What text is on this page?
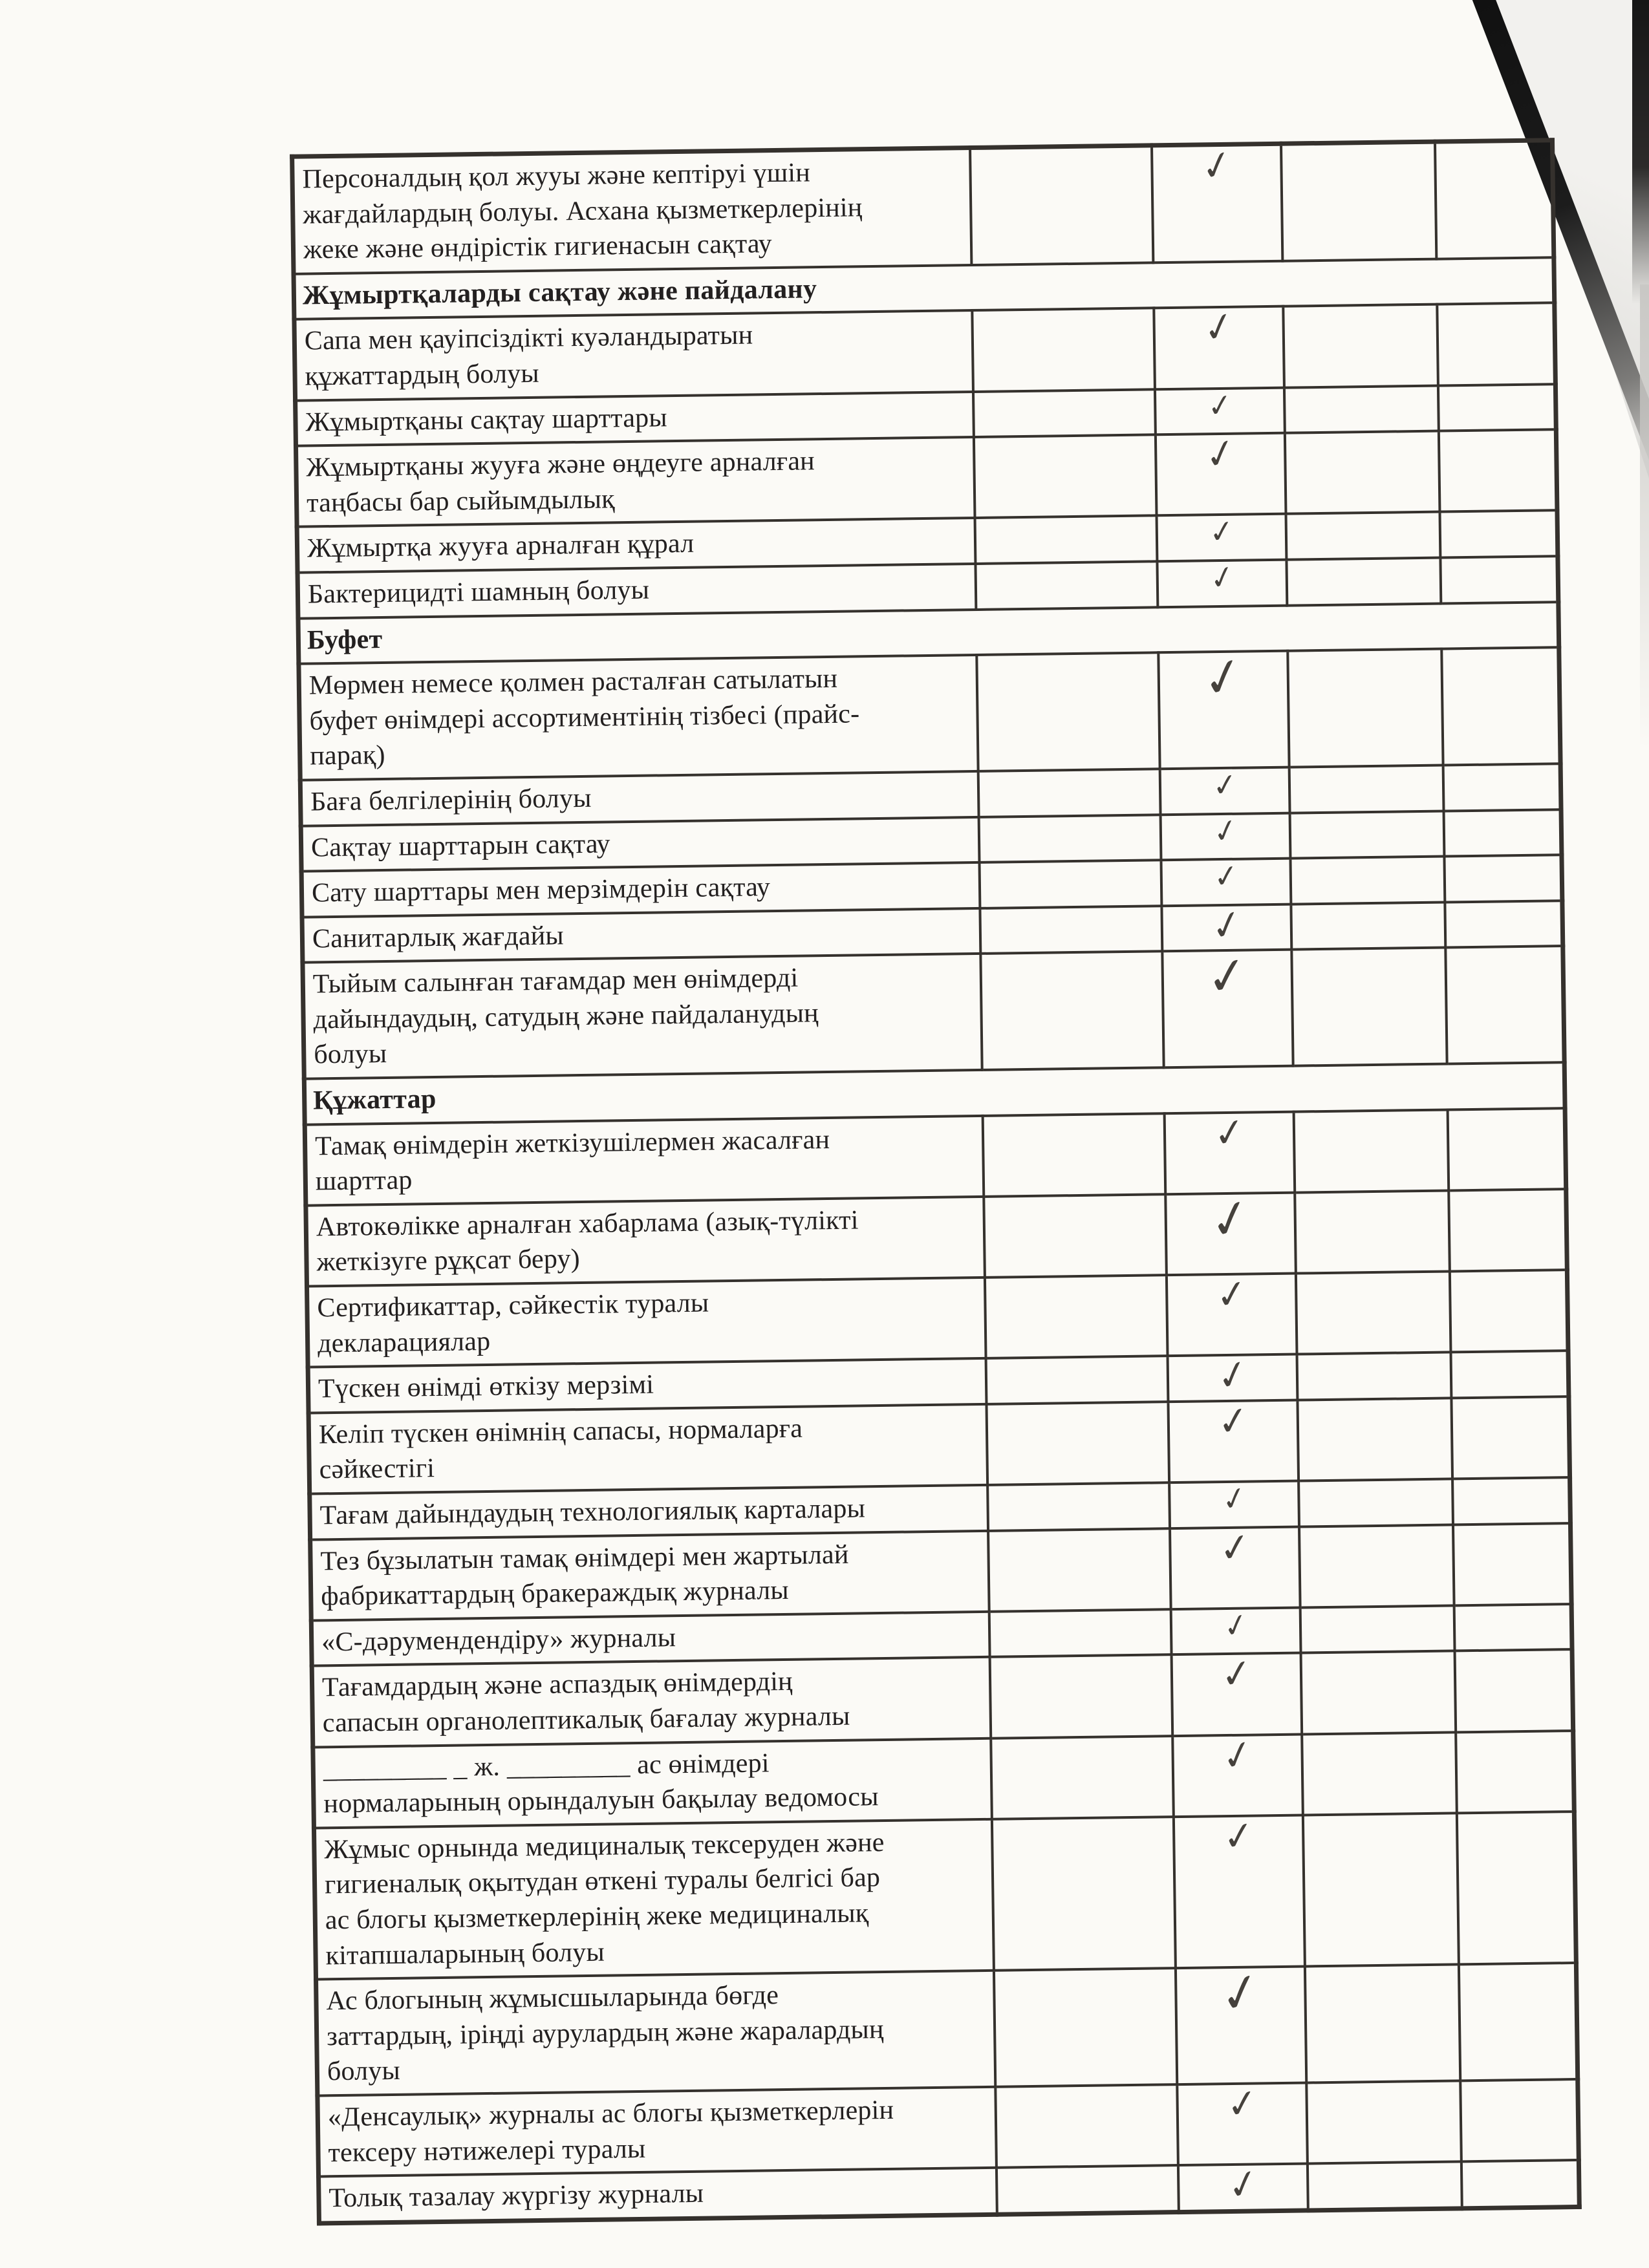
Персоналдың қол жууы және кептіруі үшін жағдайлардың болуы. Асхана қызметкерлерінің жеке және өндірістік гигиенасын сақтау		✓		
Жұмыртқаларды сақтау және пайдалану				
Сапа мен қауіпсіздікті куәландыратын құжаттардың болуы		✓		
Жұмыртқаны сақтау шарттары		✓		
Жұмыртқаны жууға және өңдеуге арналған таңбасы бар сыйымдылық		✓		
Жұмыртқа жууға арналған құрал		✓		
Бактерицидті шамның болуы		✓		
Буфет				
Мөрмен немесе қолмен расталған сатылатын буфет өнімдері ассортиментінің тізбесі (прайс-парақ)		✓		
Баға белгілерінің болуы		✓		
Сақтау шарттарын сақтау		✓		
Сату шарттары мен мерзімдерін сақтау		✓		
Санитарлық жағдайы		✓		
Тыйым салынған тағамдар мен өнімдерді дайындаудың, сатудың және пайдаланудың болуы		✓		
Құжаттар				
Тамақ өнімдерін жеткізушілермен жасалған шарттар		✓		
Автокөлікке арналған хабарлама (азық-түлікті жеткізуге рұқсат беру)		✓		
Сертификаттар, сәйкестік туралы декларациялар		✓		
Түскен өнімді өткізу мерзімі		✓		
Келіп түскен өнімнің сапасы, нормаларға сәйкестігі		✓		
Тағам дайындаудың технологиялық карталары		✓		
Тез бұзылатын тамақ өнімдері мен жартылай фабрикаттардың бракераждық журналы		✓		
«С-дәрумендендіру» журналы		✓		
Тағамдардың және аспаздық өнімдердің сапасын органолептикалық бағалау журналы		✓		
_________ _ ж. _________ ас өнімдері нормаларының орындалуын бақылау ведомосы		✓		
Жұмыс орнында медициналық тексеруден және гигиеналық оқытудан өткені туралы белгісі бар ас блогы қызметкерлерінің жеке медициналық кітапшаларының болуы		✓		
Ас блогының жұмысшыларында бөгде заттардың, іріңді аурулардың және жаралардың болуы		✓		
«Денсаулық» журналы ас блогы қызметкерлерін тексеру нәтижелері туралы		✓		
Толық тазалау жүргізу журналы		✓		
